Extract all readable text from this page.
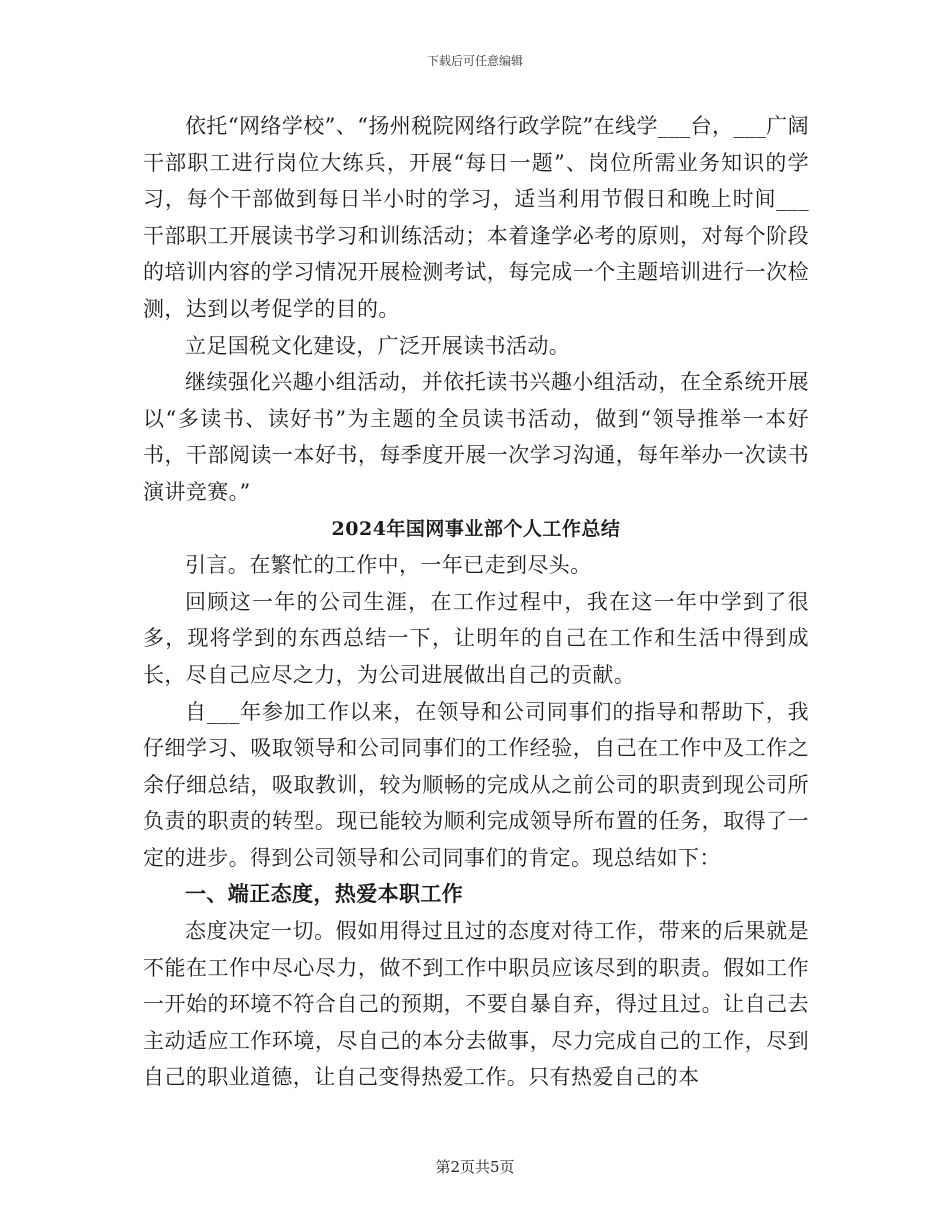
下载后可任意编辑

依托“网络学校”、“扬州税院网络行政学院”在线学___台，___广阔干部职工进行岗位大练兵，开展“每日一题”、岗位所需业务知识的学习，每个干部做到每日半小时的学习，适当利用节假日和晚上时间___干部职工开展读书学习和训练活动；本着逢学必考的原则，对每个阶段的培训内容的学习情况开展检测考试，每完成一个主题培训进行一次检测，达到以考促学的目的。

立足国税文化建设，广泛开展读书活动。

继续强化兴趣小组活动，并依托读书兴趣小组活动，在全系统开展以“多读书、读好书”为主题的全员读书活动，做到“领导推举一本好书，干部阅读一本好书，每季度开展一次学习沟通，每年举办一次读书演讲竞赛。”

2024年国网事业部个人工作总结

引言。在繁忙的工作中，一年已走到尽头。

回顾这一年的公司生涯，在工作过程中，我在这一年中学到了很多，现将学到的东西总结一下，让明年的自己在工作和生活中得到成长，尽自己应尽之力，为公司进展做出自己的贡献。

自___年参加工作以来，在领导和公司同事们的指导和帮助下，我仔细学习、吸取领导和公司同事们的工作经验，自己在工作中及工作之余仔细总结，吸取教训，较为顺畅的完成从之前公司的职责到现公司所负责的职责的转型。现已能较为顺利完成领导所布置的任务，取得了一定的进步。得到公司领导和公司同事们的肯定。现总结如下：

一、端正态度，热爱本职工作

态度决定一切。假如用得过且过的态度对待工作，带来的后果就是不能在工作中尽心尽力，做不到工作中职员应该尽到的职责。假如工作一开始的环境不符合自己的预期，不要自暴自弃，得过且过。让自己去主动适应工作环境，尽自己的本分去做事，尽力完成自己的工作，尽到自己的职业道德，让自己变得热爱工作。只有热爱自己的本

第2页共5页
